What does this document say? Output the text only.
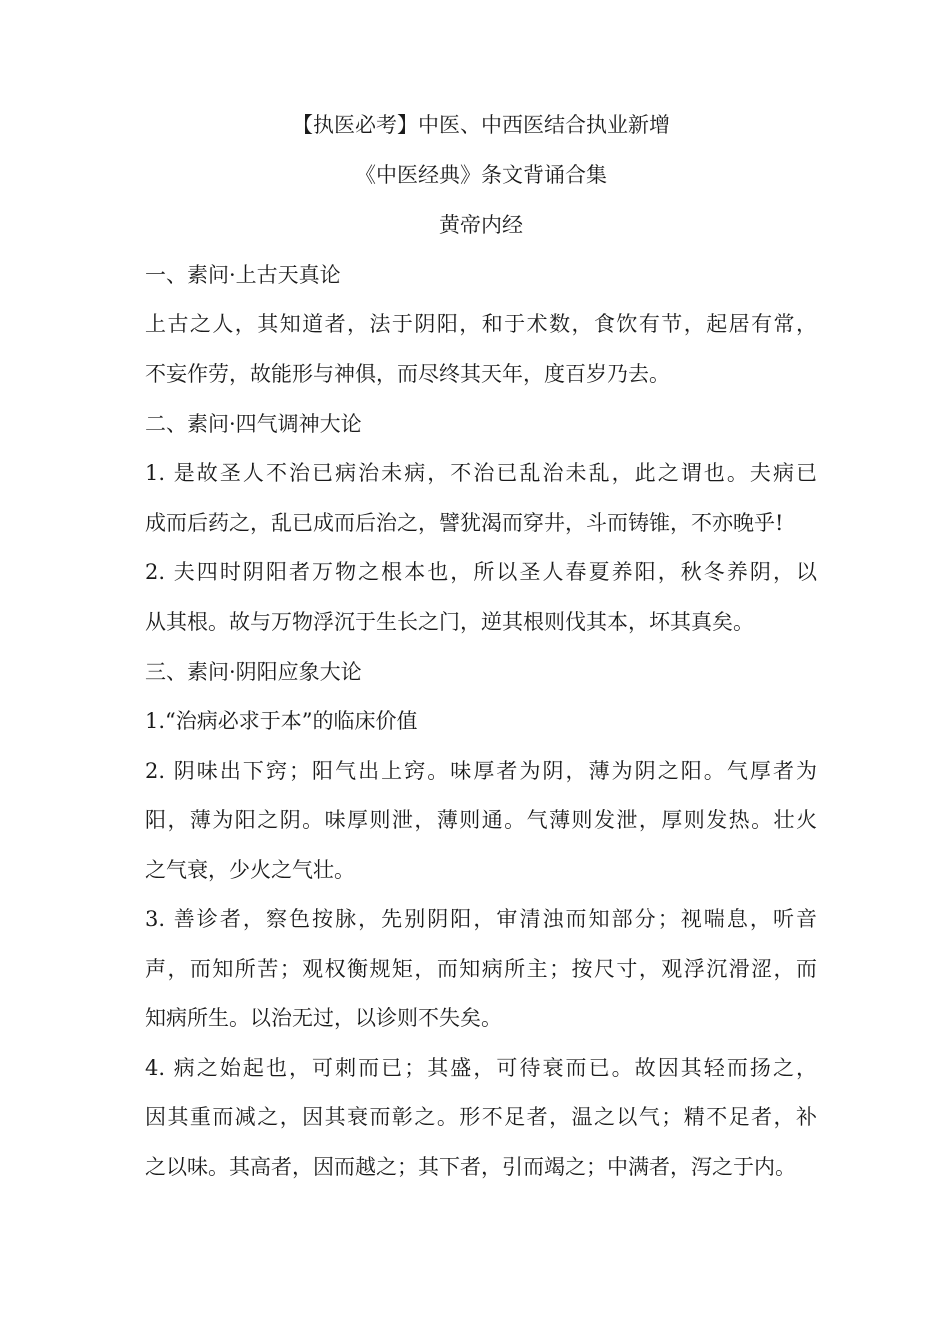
【执医必考】中医、中西医结合执业新增
《中医经典》条文背诵合集
黄帝内经
一、素问·上古天真论
上古之人，其知道者，法于阴阳，和于术数，食饮有节，起居有常，
不妄作劳，故能形与神俱，而尽终其天年，度百岁乃去。
二、素问·四气调神大论
1. 是故圣人不治已病治未病，不治已乱治未乱，此之谓也。夫病已
成而后药之，乱已成而后治之，譬犹渴而穿井，斗而铸锥，不亦晚乎!
2. 夫四时阴阳者万物之根本也，所以圣人春夏养阳，秋冬养阴，以
从其根。故与万物浮沉于生长之门，逆其根则伐其本，坏其真矣。
三、素问·阴阳应象大论
1.“治病必求于本”的临床价值
2. 阴味出下窍；阳气出上窍。味厚者为阴，薄为阴之阳。气厚者为
阳，薄为阳之阴。味厚则泄，薄则通。气薄则发泄，厚则发热。壮火
之气衰，少火之气壮。
3. 善诊者，察色按脉，先别阴阳，审清浊而知部分；视喘息，听音
声，而知所苦；观权衡规矩，而知病所主；按尺寸，观浮沉滑涩，而
知病所生。以治无过，以诊则不失矣。
4. 病之始起也，可刺而已；其盛，可待衰而已。故因其轻而扬之，
因其重而减之，因其衰而彰之。形不足者，温之以气；精不足者，补
之以味。其高者，因而越之；其下者，引而竭之；中满者，泻之于内。
